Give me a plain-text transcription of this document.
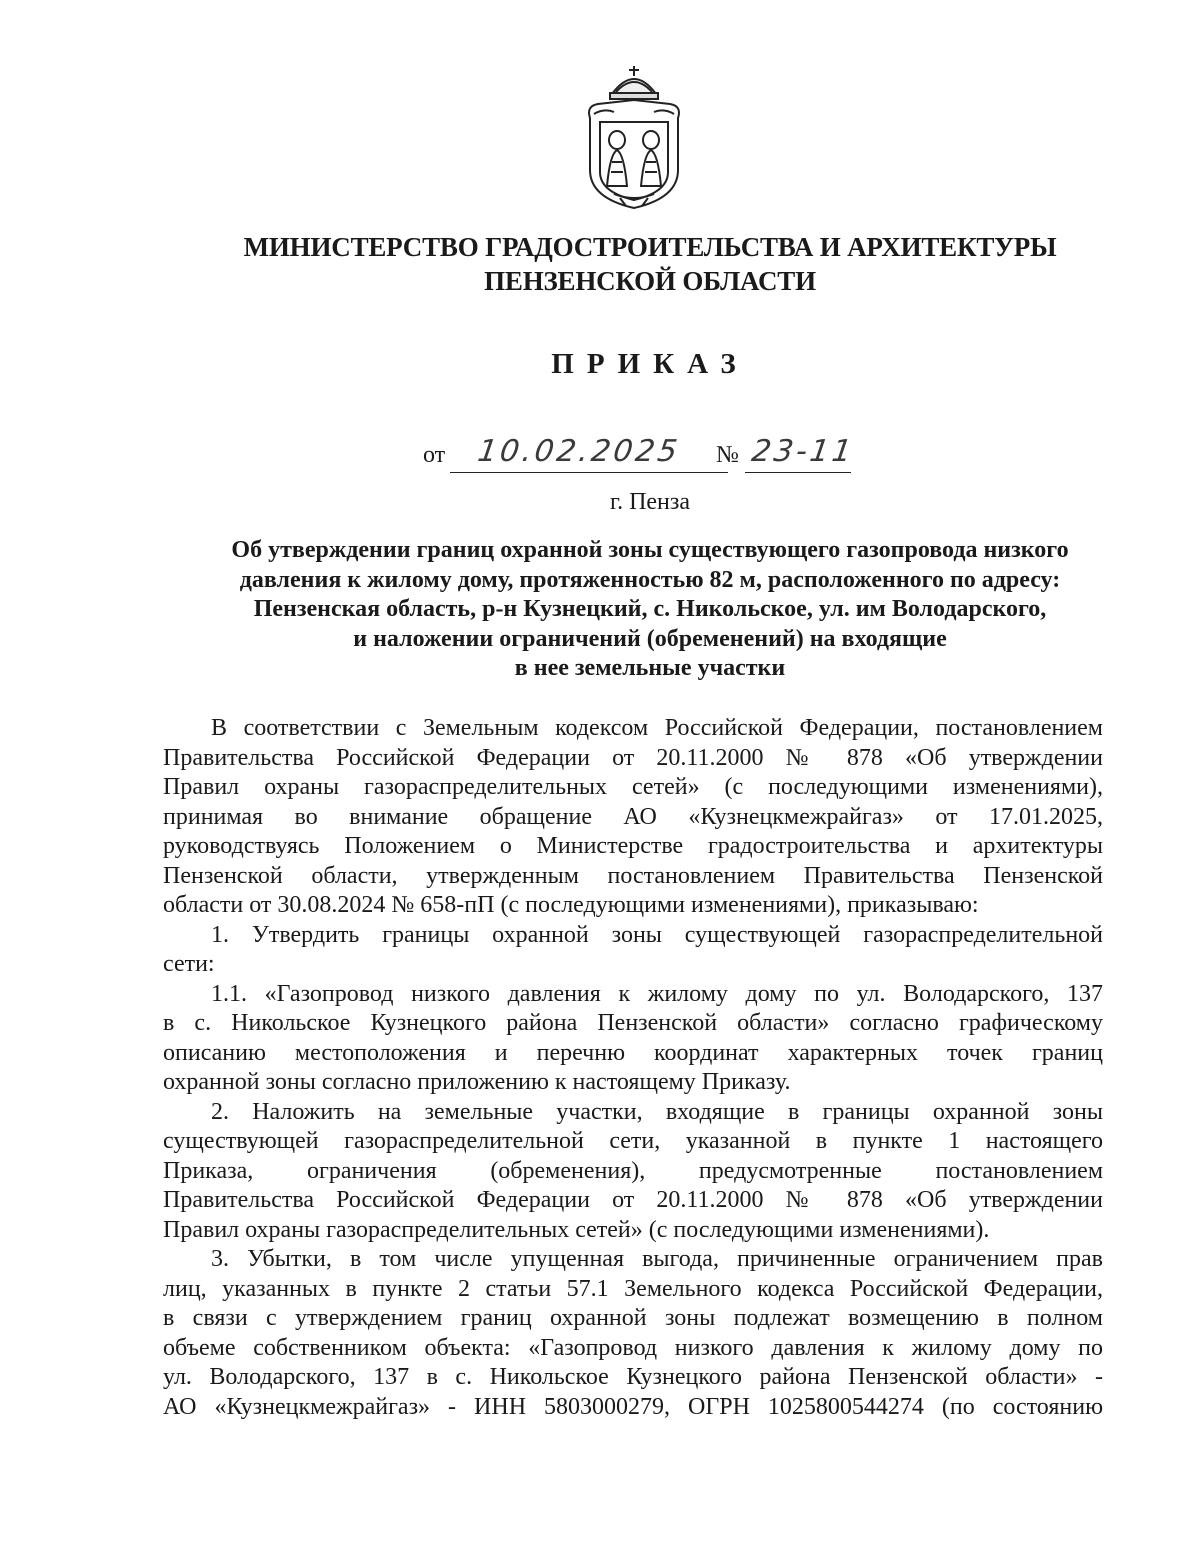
МИНИСТЕРСТВО ГРАДОСТРОИТЕЛЬСТВА И АРХИТЕКТУРЫ
ПЕНЗЕНСКОЙ ОБЛАСТИ
ПРИКАЗ
от 10.02.2025 № 23-11
г. Пенза
Об утверждении границ охранной зоны существующего газопровода низкого
давления к жилому дому, протяженностью 82 м, расположенного по адресу:
Пензенская область, р-н Кузнецкий, с. Никольское, ул. им Володарского,
и наложении ограничений (обременений) на входящие
в нее земельные участки
В соответствии с Земельным кодексом Российской Федерации, постановлением
Правительства Российской Федерации от 20.11.2000 № 878 «Об утверждении
Правил охраны газораспределительных сетей» (с последующими изменениями),
принимая во внимание обращение АО «Кузнецкмежрайгаз» от 17.01.2025,
руководствуясь Положением о Министерстве градостроительства и архитектуры
Пензенской области, утвержденным постановлением Правительства Пензенской
области от 30.08.2024 № 658-пП (с последующими изменениями), приказываю:
1. Утвердить границы охранной зоны существующей газораспределительной
сети:
1.1. «Газопровод низкого давления к жилому дому по ул. Володарского, 137
в с. Никольское Кузнецкого района Пензенской области» согласно графическому
описанию местоположения и перечню координат характерных точек границ
охранной зоны согласно приложению к настоящему Приказу.
2. Наложить на земельные участки, входящие в границы охранной зоны
существующей газораспределительной сети, указанной в пункте 1 настоящего
Приказа, ограничения (обременения), предусмотренные постановлением
Правительства Российской Федерации от 20.11.2000 № 878 «Об утверждении
Правил охраны газораспределительных сетей» (с последующими изменениями).
3. Убытки, в том числе упущенная выгода, причиненные ограничением прав
лиц, указанных в пункте 2 статьи 57.1 Земельного кодекса Российской Федерации,
в связи с утверждением границ охранной зоны подлежат возмещению в полном
объеме собственником объекта: «Газопровод низкого давления к жилому дому по
ул. Володарского, 137 в с. Никольское Кузнецкого района Пензенской области» -
АО «Кузнецкмежрайгаз» - ИНН 5803000279, ОГРН 1025800544274 (по состоянию
